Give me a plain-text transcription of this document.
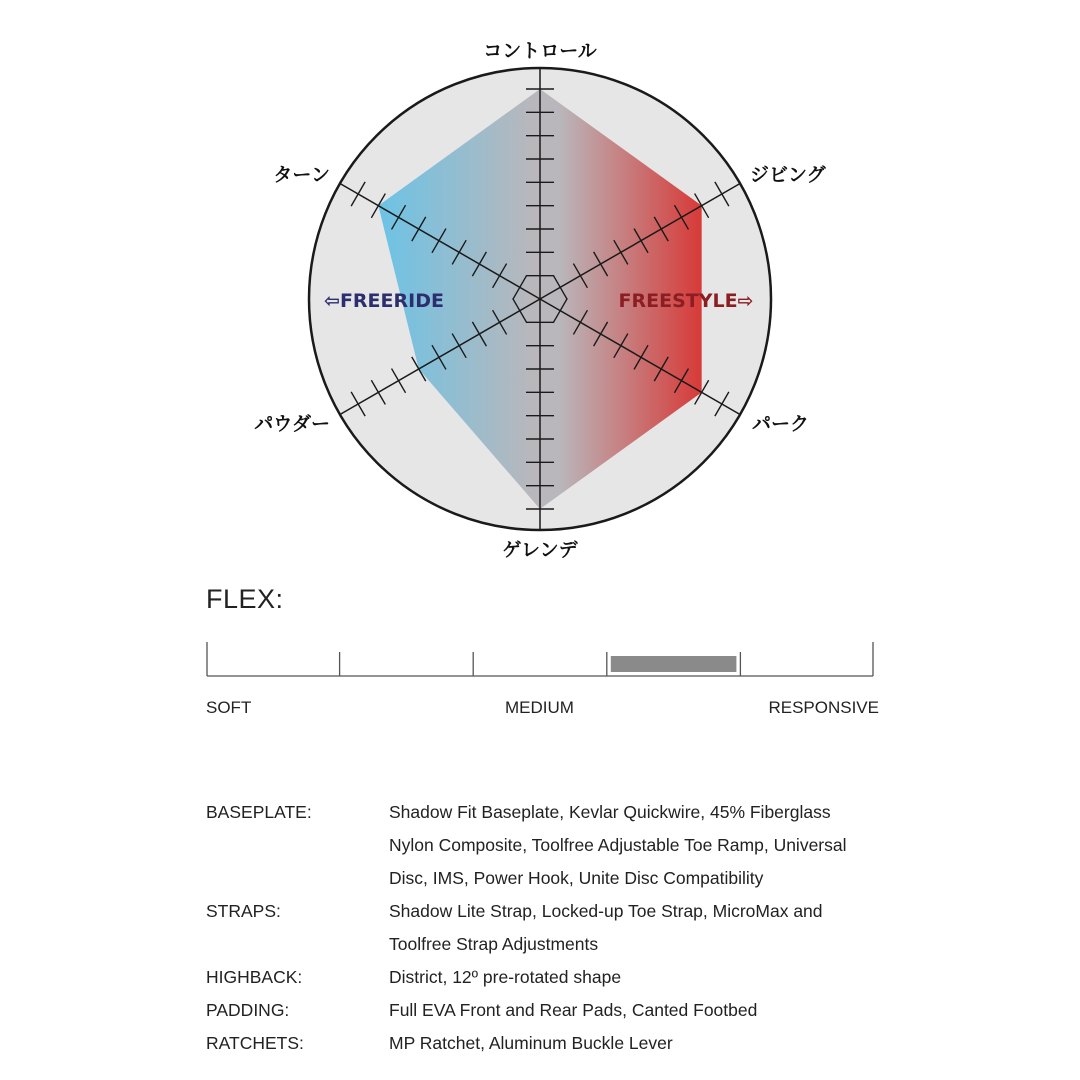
コントロール
ジビング
パーク
ゲレンデ
パウダー
ターン
⇦FREERIDE	FREESTYLE⇨
FLEX:
SOFT	MEDIUM	RESPONSIVE
BASEPLATE:	Shadow Fit Baseplate, Kevlar Quickwire, 45% Fiberglass
Nylon Composite, Toolfree Adjustable Toe Ramp, Universal
Disc, IMS, Power Hook, Unite Disc Compatibility
STRAPS:	Shadow Lite Strap, Locked-up Toe Strap, MicroMax and
Toolfree Strap Adjustments
HIGHBACK:	District, 12º pre-rotated shape
PADDING:	Full EVA Front and Rear Pads, Canted Footbed
RATCHETS:	MP Ratchet, Aluminum Buckle Lever
